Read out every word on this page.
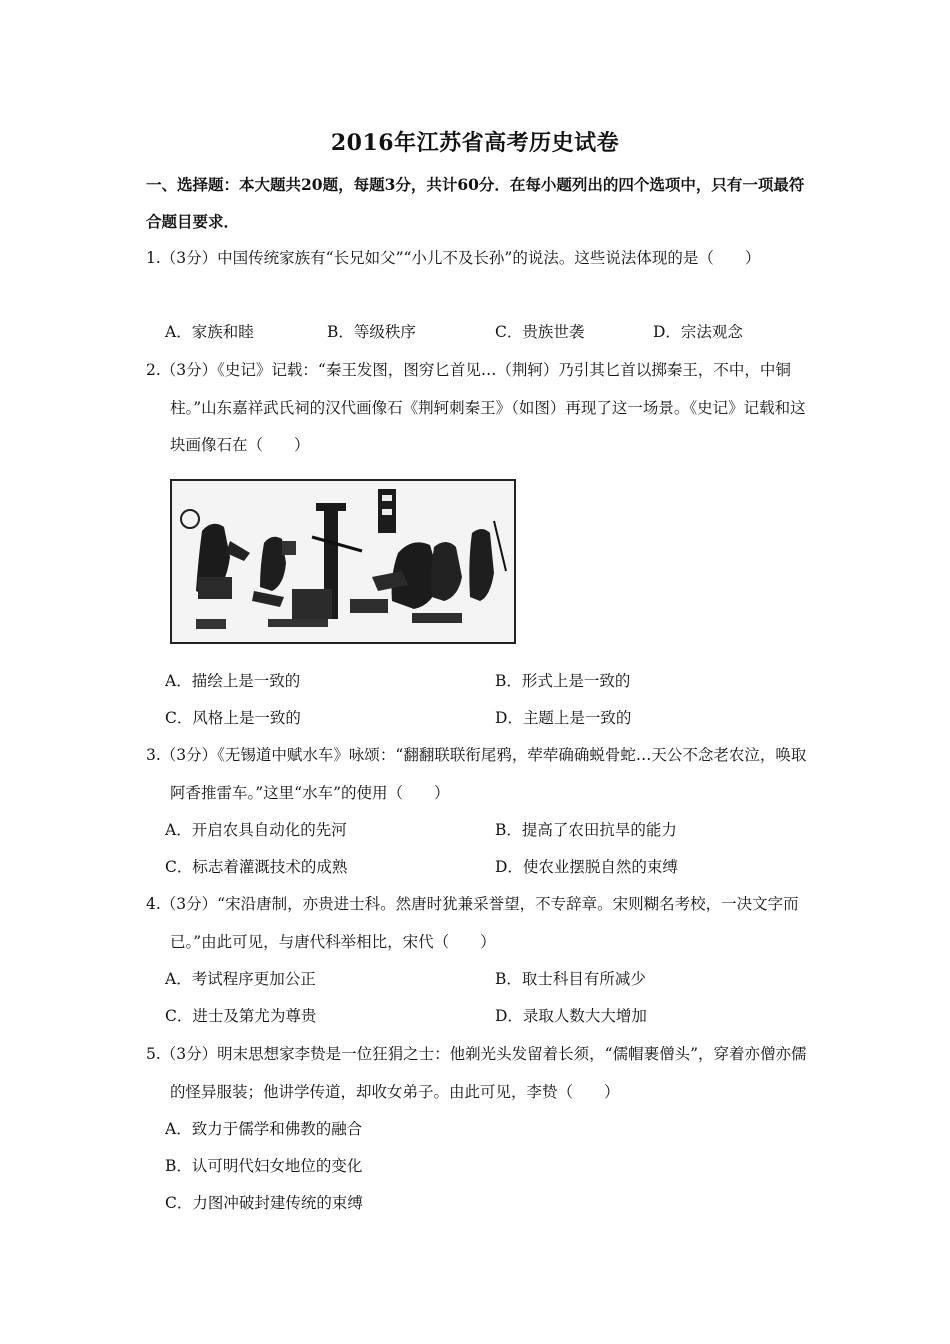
2016年江苏省高考历史试卷
一、选择题：本大题共20题，每题3分，共计60分．在每小题列出的四个选项中，只有一项最符合题目要求．
1.（3分）中国传统家族有“长兄如父”“小儿不及长孙”的说法。这些说法体现的是（　　）
A．家族和睦	B．等级秩序	C．贵族世袭	D．宗法观念
2.（3分）《史记》记载：“秦王发图，图穷匕首见…（荆轲）乃引其匕首以掷秦王，不中，中铜柱。”山东嘉祥武氏祠的汉代画像石《荆轲刺秦王》（如图）再现了这一场景。《史记》记载和这块画像石在（　　）
A．描绘上是一致的	B．形式上是一致的
C．风格上是一致的	D．主题上是一致的
3.（3分）《无锡道中赋水车》咏颂：“翻翻联联衔尾鸦，荦荦确确蜕骨蛇…天公不念老农泣，唤取阿香推雷车。”这里“水车”的使用（　　）
A．开启农具自动化的先河	B．提高了农田抗旱的能力
C．标志着灌溉技术的成熟	D．使农业摆脱自然的束缚
4.（3分）“宋沿唐制，亦贵进士科。然唐时犹兼采誉望，不专辞章。宋则糊名考校，一决文字而已。”由此可见，与唐代科举相比，宋代（　　）
A．考试程序更加公正	B．取士科目有所减少
C．进士及第尤为尊贵	D．录取人数大大增加
5.（3分）明末思想家李贽是一位狂狷之士：他剃光头发留着长须，“儒帽裹僧头”，穿着亦僧亦儒的怪异服装；他讲学传道，却收女弟子。由此可见，李贽（　　）
A．致力于儒学和佛教的融合
B．认可明代妇女地位的变化
C．力图冲破封建传统的束缚
